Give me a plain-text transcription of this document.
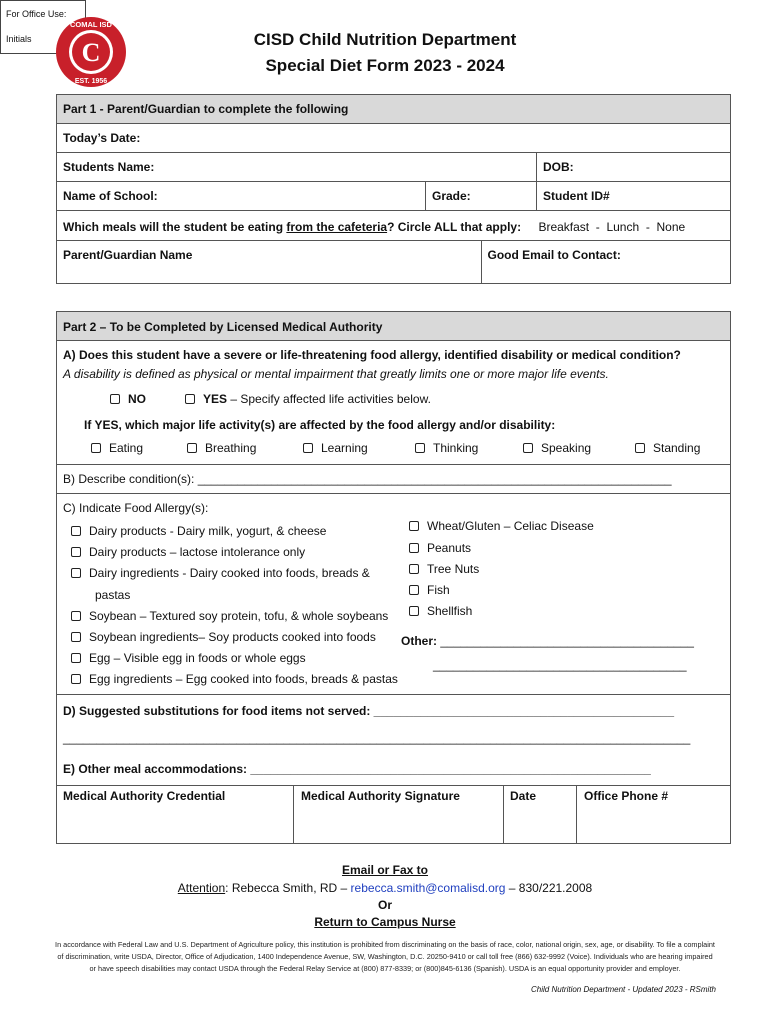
C
COMAL ISD
EST. 1956
CISD Child Nutrition Department
Special Diet Form 2023 - 2024
For Office Use:
Initials
Part 1 - Parent/Guardian to complete the following			
Today’s Date:			
Students Name:			DOB:
Name of School:	Grade:		Student ID#
Which meals will the student be eating from the cafeteria? Circle ALL that apply: Breakfast  -  Lunch  -  None			
Parent/Guardian Name		Good Email to Contact:	
Part 2 – To be Completed by Licensed Medical Authority
A) Does this student have a severe or life-threatening food allergy, identified disability or medical condition?
A disability is defined as physical or mental impairment that greatly limits one or more major life events.
NO	YES – Specify affected life activities below.
If YES, which major life activity(s) are affected by the food allergy and/or disability:
Eating	Breathing	Learning	Thinking	Speaking	Standing
B) Describe condition(s): _______________________________________________________________________
C) Indicate Food Allergy(s):
Dairy products - Dairy milk, yogurt, & cheese
Dairy products – lactose intolerance only
Dairy ingredients - Dairy cooked into foods, breads &
pastas
Soybean – Textured soy protein, tofu, & whole soybeans
Soybean ingredients– Soy products cooked into foods
Egg – Visible egg in foods or whole eggs
Egg ingredients – Egg cooked into foods, breads & pastas
Wheat/Gluten – Celiac Disease
Peanuts
Tree Nuts
Fish
Shellfish
Other: ______________________________________
______________________________________
D) Suggested substitutions for food items not served: _____________________________________________
______________________________________________________________________________________________
E) Other meal accommodations: ____________________________________________________________
Medical Authority Credential	Medical Authority Signature	Date	Office Phone #
Email or Fax to
Attention: Rebecca Smith, RD – rebecca.smith@comalisd.org – 830/221.2008
Or
Return to Campus Nurse
In accordance with Federal Law and U.S. Department of Agriculture policy, this institution is prohibited from discriminating on the basis of race, color, national origin, sex, age, or disability. To file a complaint of discrimination, write USDA, Director, Office of Adjudication, 1400 Independence Avenue, SW, Washington, D.C. 20250-9410 or call toll free (866) 632-9992 (Voice). Individuals who are hearing impaired or have speech disabilities may contact USDA through the Federal Relay Service at (800) 877-8339; or (800)845-6136 (Spanish). USDA is an equal opportunity provider and employer.
Child Nutrition Department - Updated 2023 - RSmith
